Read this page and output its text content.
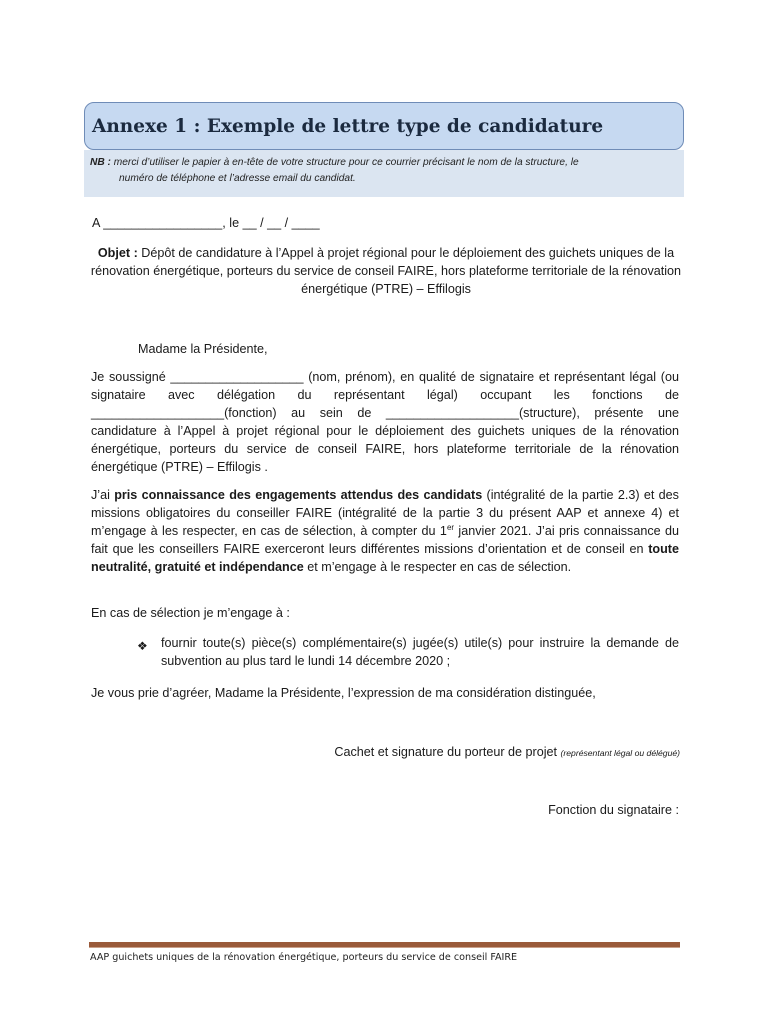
Annexe 1 : Exemple de lettre type de candidature
NB : merci d’utiliser le papier à en-tête de votre structure pour ce courrier précisant le nom de la structure, le
numéro de téléphone et l’adresse email du candidat.
A _________________, le __ / __ / ____
Objet : Dépôt de candidature à l’Appel à projet régional pour le déploiement des guichets uniques de la rénovation énergétique, porteurs du service de conseil FAIRE, hors plateforme territoriale de la rénovation énergétique (PTRE) – Effilogis
Madame la Présidente,
Je soussigné ___________________ (nom, prénom), en qualité de signataire et représentant légal (ou signataire avec délégation du représentant légal) occupant les fonctions de ___________________(fonction) au sein de ___________________(structure), présente une candidature à l’Appel à projet régional pour le déploiement des guichets uniques de la rénovation énergétique, porteurs du service de conseil FAIRE, hors plateforme territoriale de la rénovation énergétique (PTRE) – Effilogis .
J’ai pris connaissance des engagements attendus des candidats (intégralité de la partie 2.3) et des missions obligatoires du conseiller FAIRE (intégralité de la partie 3 du présent AAP et annexe 4) et m’engage à les respecter, en cas de sélection, à compter du 1er janvier 2021. J’ai pris connaissance du fait que les conseillers FAIRE exerceront leurs différentes missions d’orientation et de conseil en toute neutralité, gratuité et indépendance et m’engage à le respecter en cas de sélection.
En cas de sélection je m’engage à :
❖ fournir toute(s) pièce(s) complémentaire(s) jugée(s) utile(s) pour instruire la demande de subvention au plus tard le lundi 14 décembre 2020 ;
Je vous prie d’agréer, Madame la Présidente, l’expression de ma considération distinguée,
Cachet et signature du porteur de projet (représentant légal ou délégué)
Fonction du signataire :
AAP guichets uniques de la rénovation énergétique, porteurs du service de conseil FAIRE
